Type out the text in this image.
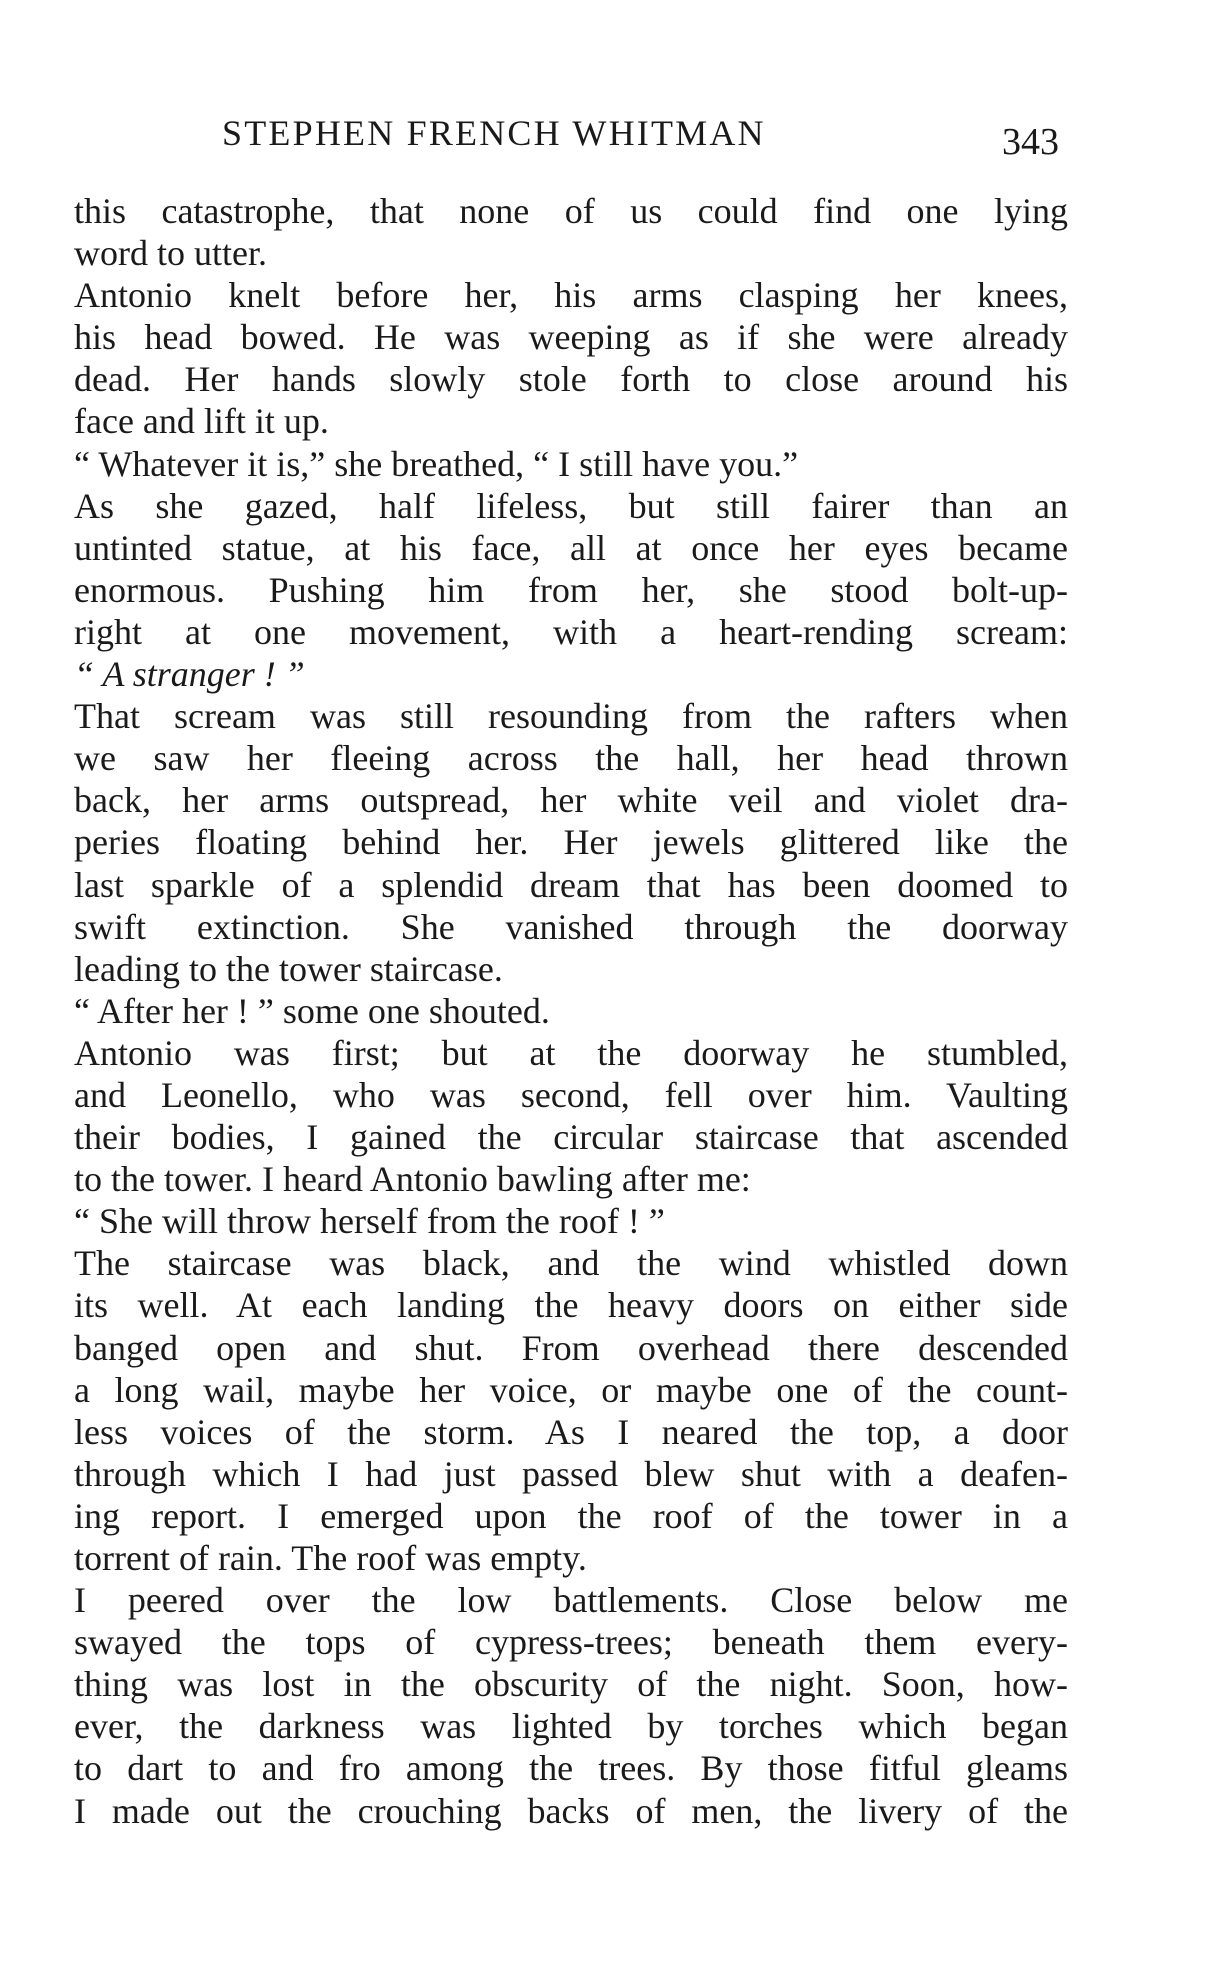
STEPHEN FRENCH WHITMAN	343
this catastrophe, that none of us could find one lying
word to utter.
Antonio knelt before her, his arms clasping her knees,
his head bowed. He was weeping as if she were already
dead. Her hands slowly stole forth to close around his
face and lift it up.
“ Whatever it is,” she breathed, “ I still have you.”
As she gazed, half lifeless, but still fairer than an
untinted statue, at his face, all at once her eyes became
enormous. Pushing him from her, she stood bolt-up-
right at one movement, with a heart-rending scream:
“ A stranger ! ”
That scream was still resounding from the rafters when
we saw her fleeing across the hall, her head thrown
back, her arms outspread, her white veil and violet dra-
peries floating behind her. Her jewels glittered like the
last sparkle of a splendid dream that has been doomed to
swift extinction. She vanished through the doorway
leading to the tower staircase.
“ After her ! ” some one shouted.
Antonio was first; but at the doorway he stumbled,
and Leonello, who was second, fell over him. Vaulting
their bodies, I gained the circular staircase that ascended
to the tower. I heard Antonio bawling after me:
“ She will throw herself from the roof ! ”
The staircase was black, and the wind whistled down
its well. At each landing the heavy doors on either side
banged open and shut. From overhead there descended
a long wail, maybe her voice, or maybe one of the count-
less voices of the storm. As I neared the top, a door
through which I had just passed blew shut with a deafen-
ing report. I emerged upon the roof of the tower in a
torrent of rain. The roof was empty.
I peered over the low battlements. Close below me
swayed the tops of cypress-trees; beneath them every-
thing was lost in the obscurity of the night. Soon, how-
ever, the darkness was lighted by torches which began
to dart to and fro among the trees. By those fitful gleams
I made out the crouching backs of men, the livery of the
